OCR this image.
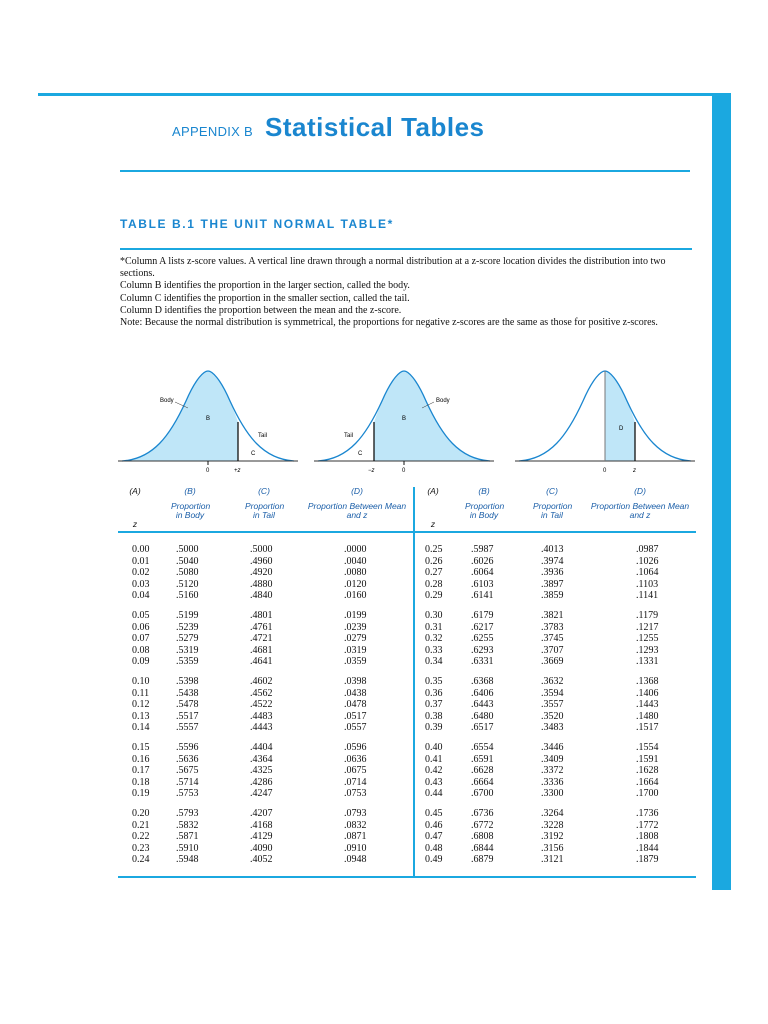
APPENDIX B Statistical Tables
TABLE B.1 THE UNIT NORMAL TABLE*

*Column A lists z-score values. A vertical line drawn through a normal distribution at a z-score location divides the distribution into two sections.

Column B identifies the proportion in the larger section, called the body.

Column C identifies the proportion in the smaller section, called the tail.

Column D identifies the proportion between the mean and the z-score.

Note: Because the normal distribution is symmetrical, the proportions for negative z-scores are the same as those for positive z-scores.

Body
B
Tail
C
0	+z
Body
B
Tail
C
−z	0
D
0	z
(A)
z
(B)
Proportion in Body
(C)
Proportion in Tail
(D)
Proportion Between Mean and z
(A)
z
(B)
Proportion in Body
(C)
Proportion in Tail
(D)
Proportion Between Mean and z
0.00	.5000	.5000	.0000
0.01	.5040	.4960	.0040
0.02	.5080	.4920	.0080
0.03	.5120	.4880	.0120
0.04	.5160	.4840	.0160
0.05	.5199	.4801	.0199
0.06	.5239	.4761	.0239
0.07	.5279	.4721	.0279
0.08	.5319	.4681	.0319
0.09	.5359	.4641	.0359
0.10	.5398	.4602	.0398
0.11	.5438	.4562	.0438
0.12	.5478	.4522	.0478
0.13	.5517	.4483	.0517
0.14	.5557	.4443	.0557
0.15	.5596	.4404	.0596
0.16	.5636	.4364	.0636
0.17	.5675	.4325	.0675
0.18	.5714	.4286	.0714
0.19	.5753	.4247	.0753
0.20	.5793	.4207	.0793
0.21	.5832	.4168	.0832
0.22	.5871	.4129	.0871
0.23	.5910	.4090	.0910
0.24	.5948	.4052	.0948
0.25	.5987	.4013	.0987
0.26	.6026	.3974	.1026
0.27	.6064	.3936	.1064
0.28	.6103	.3897	.1103
0.29	.6141	.3859	.1141
0.30	.6179	.3821	.1179
0.31	.6217	.3783	.1217
0.32	.6255	.3745	.1255
0.33	.6293	.3707	.1293
0.34	.6331	.3669	.1331
0.35	.6368	.3632	.1368
0.36	.6406	.3594	.1406
0.37	.6443	.3557	.1443
0.38	.6480	.3520	.1480
0.39	.6517	.3483	.1517
0.40	.6554	.3446	.1554
0.41	.6591	.3409	.1591
0.42	.6628	.3372	.1628
0.43	.6664	.3336	.1664
0.44	.6700	.3300	.1700
0.45	.6736	.3264	.1736
0.46	.6772	.3228	.1772
0.47	.6808	.3192	.1808
0.48	.6844	.3156	.1844
0.49	.6879	.3121	.1879
